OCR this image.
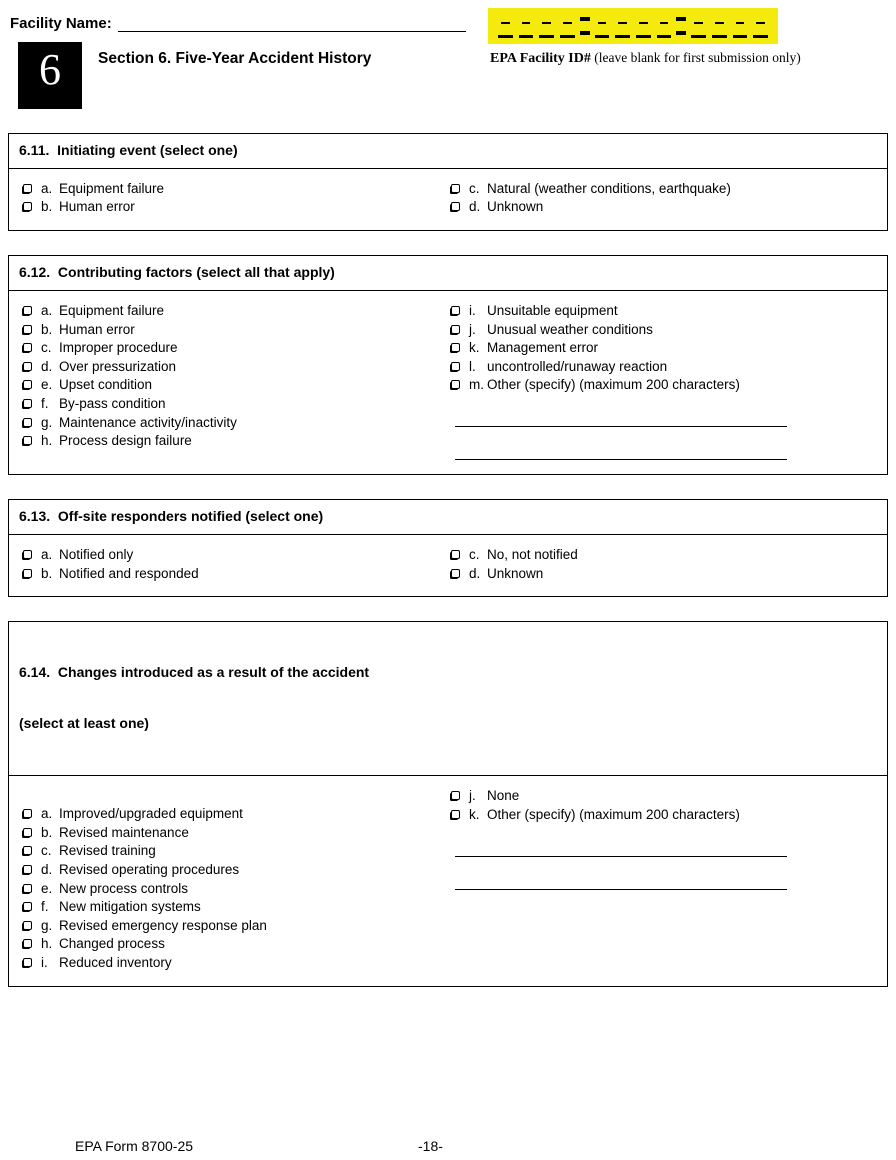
Facility Name:
EPA Facility ID# (leave blank for first submission only)
6	Section 6. Five-Year Accident History
6.11.  Initiating event (select one)
a. Equipment failure
b. Human error
c. Natural (weather conditions, earthquake)
d. Unknown
6.12.  Contributing factors (select all that apply)
a. Equipment failure
b. Human error
c. Improper procedure
d. Over pressurization
e. Upset condition
f. By-pass condition
g. Maintenance activity/inactivity
h. Process design failure
i. Unsuitable equipment
j. Unusual weather conditions
k. Management error
l. uncontrolled/runaway reaction
m. Other (specify) (maximum 200 characters)
6.13.  Off-site responders notified (select one)
a. Notified only
b. Notified and responded
c. No, not notified
d. Unknown

6.14.  Changes introduced as a result of the accident

(select at least one)

a. Improved/upgraded equipment
b. Revised maintenance
c. Revised training
d. Revised operating procedures
e. New process controls
f. New mitigation systems
g. Revised emergency response plan
h. Changed process
i. Reduced inventory
j. None
k. Other (specify) (maximum 200 characters)
EPA Form 8700-25	-18-
